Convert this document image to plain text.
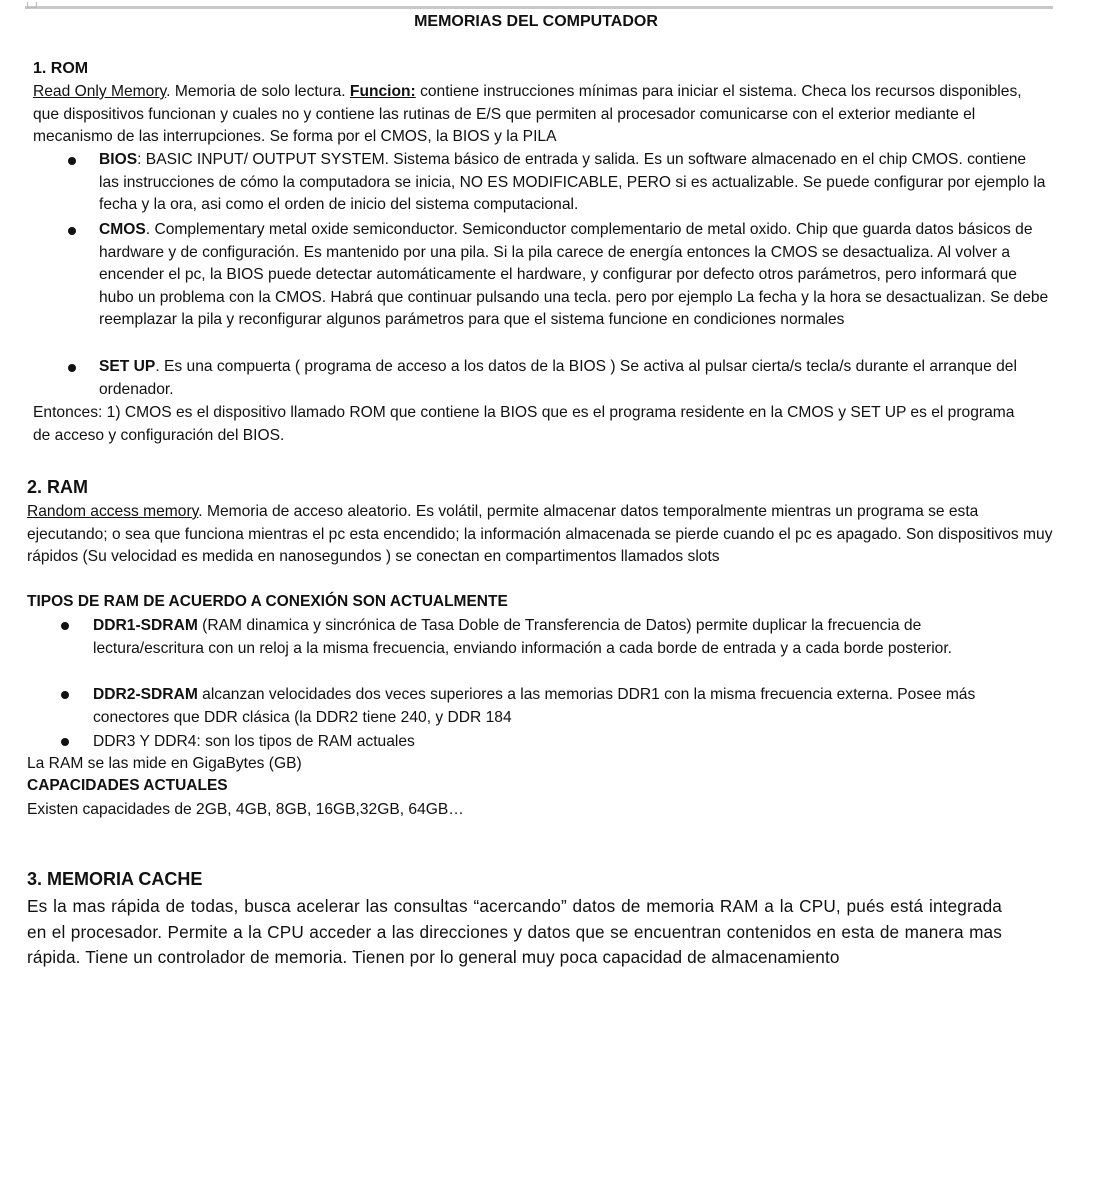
MEMORIAS DEL COMPUTADOR
1. ROM
Read Only Memory. Memoria de solo lectura. Funcion: contiene instrucciones mínimas para iniciar el sistema. Checa los recursos disponibles, que dispositivos funcionan y cuales no y contiene las rutinas de E/S que permiten al procesador comunicarse con el exterior mediante el mecanismo de las interrupciones. Se forma por el CMOS, la BIOS y la PILA
BIOS: BASIC INPUT/ OUTPUT SYSTEM. Sistema básico de entrada y salida. Es un software almacenado en el chip CMOS. contiene las instrucciones de cómo la computadora se inicia, NO ES MODIFICABLE, PERO si es actualizable. Se puede configurar por ejemplo la fecha y la ora, asi como el orden de inicio del sistema computacional.
CMOS. Complementary metal oxide semiconductor. Semiconductor complementario de metal oxido. Chip que guarda datos básicos de hardware y de configuración. Es mantenido por una pila. Si la pila carece de energía entonces la CMOS se desactualiza. Al volver a encender el pc, la BIOS puede detectar automáticamente el hardware, y configurar por defecto otros parámetros, pero informará que hubo un problema con la CMOS. Habrá que continuar pulsando una tecla. pero por ejemplo La fecha y la hora se desactualizan. Se debe reemplazar la pila y reconfigurar algunos parámetros para que el sistema funcione en condiciones normales
SET UP. Es una compuerta ( programa de acceso a los datos de la BIOS ) Se activa al pulsar cierta/s tecla/s durante el arranque del ordenador.
Entonces: 1) CMOS es el dispositivo llamado ROM que contiene la BIOS que es el programa residente en la CMOS y SET UP es el programa de acceso y configuración del BIOS.
2. RAM
Random access memory. Memoria de acceso aleatorio. Es volátil, permite almacenar datos temporalmente mientras un programa se esta ejecutando; o sea que funciona mientras el pc esta encendido; la información almacenada se pierde cuando el pc es apagado. Son dispositivos muy rápidos (Su velocidad es medida en nanosegundos ) se conectan en compartimentos llamados slots
TIPOS DE RAM DE ACUERDO A CONEXIÓN SON ACTUALMENTE
DDR1-SDRAM (RAM dinamica y sincrónica de Tasa Doble de Transferencia de Datos) permite duplicar la frecuencia de lectura/escritura con un reloj a la misma frecuencia, enviando información a cada borde de entrada y a cada borde posterior.
DDR2-SDRAM alcanzan velocidades dos veces superiores a las memorias DDR1 con la misma frecuencia externa. Posee más conectores que DDR clásica (la DDR2 tiene 240, y DDR 184
DDR3 Y DDR4: son los tipos de RAM actuales
La RAM se las mide en GigaBytes (GB)
CAPACIDADES ACTUALES
Existen capacidades de 2GB, 4GB, 8GB, 16GB,32GB, 64GB…
3. MEMORIA CACHE
Es la mas rápida de todas, busca acelerar las consultas “acercando” datos de memoria RAM a la CPU, pués está integrada en el procesador. Permite a la CPU acceder a las direcciones y datos que se encuentran contenidos en esta de manera mas rápida. Tiene un controlador de memoria. Tienen por lo general muy poca capacidad de almacenamiento
